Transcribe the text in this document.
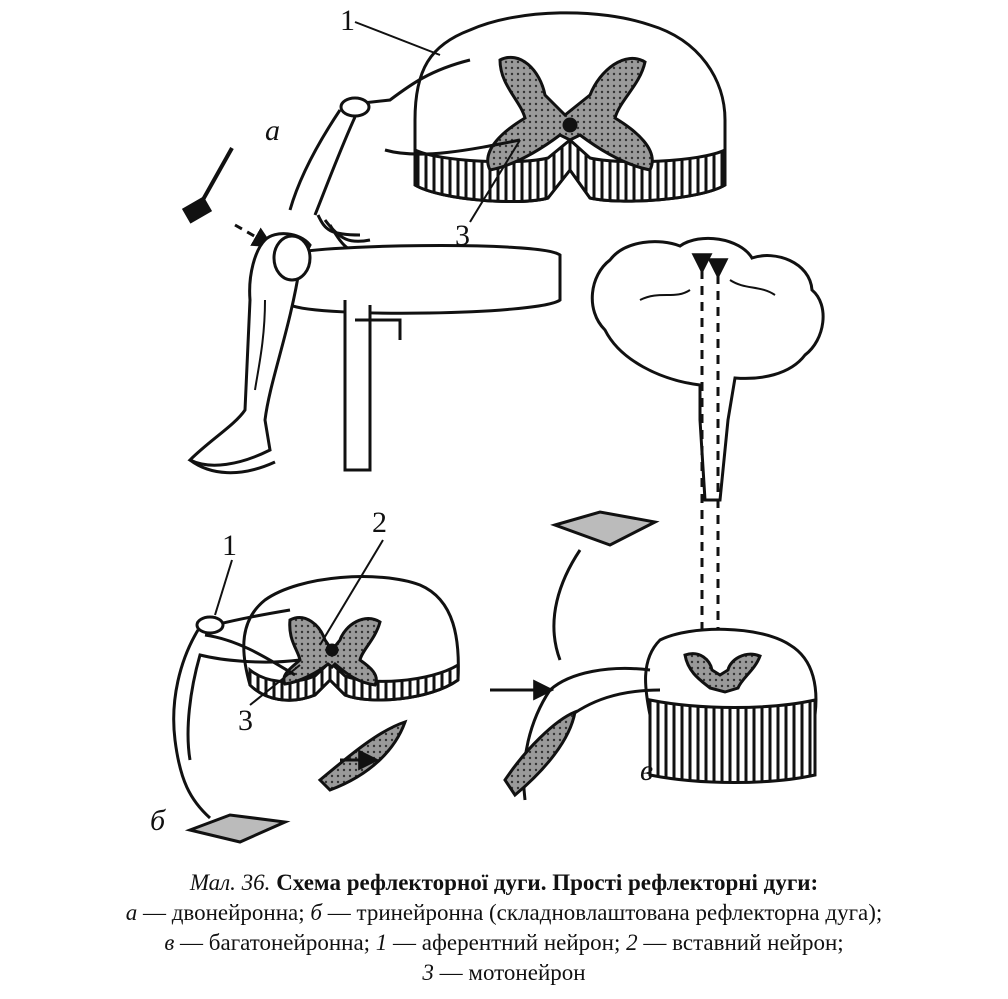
1
а
3
1
2
3
б
в
Мал. 36. Схема рефлекторної дуги. Прості рефлекторні дуги:
а — двонейронна; б — тринейронна (складновлаштована рефлекторна дуга);
в — багатонейронна; 1 — аферентний нейрон; 2 — вставний нейрон;
3 — мотонейрон
